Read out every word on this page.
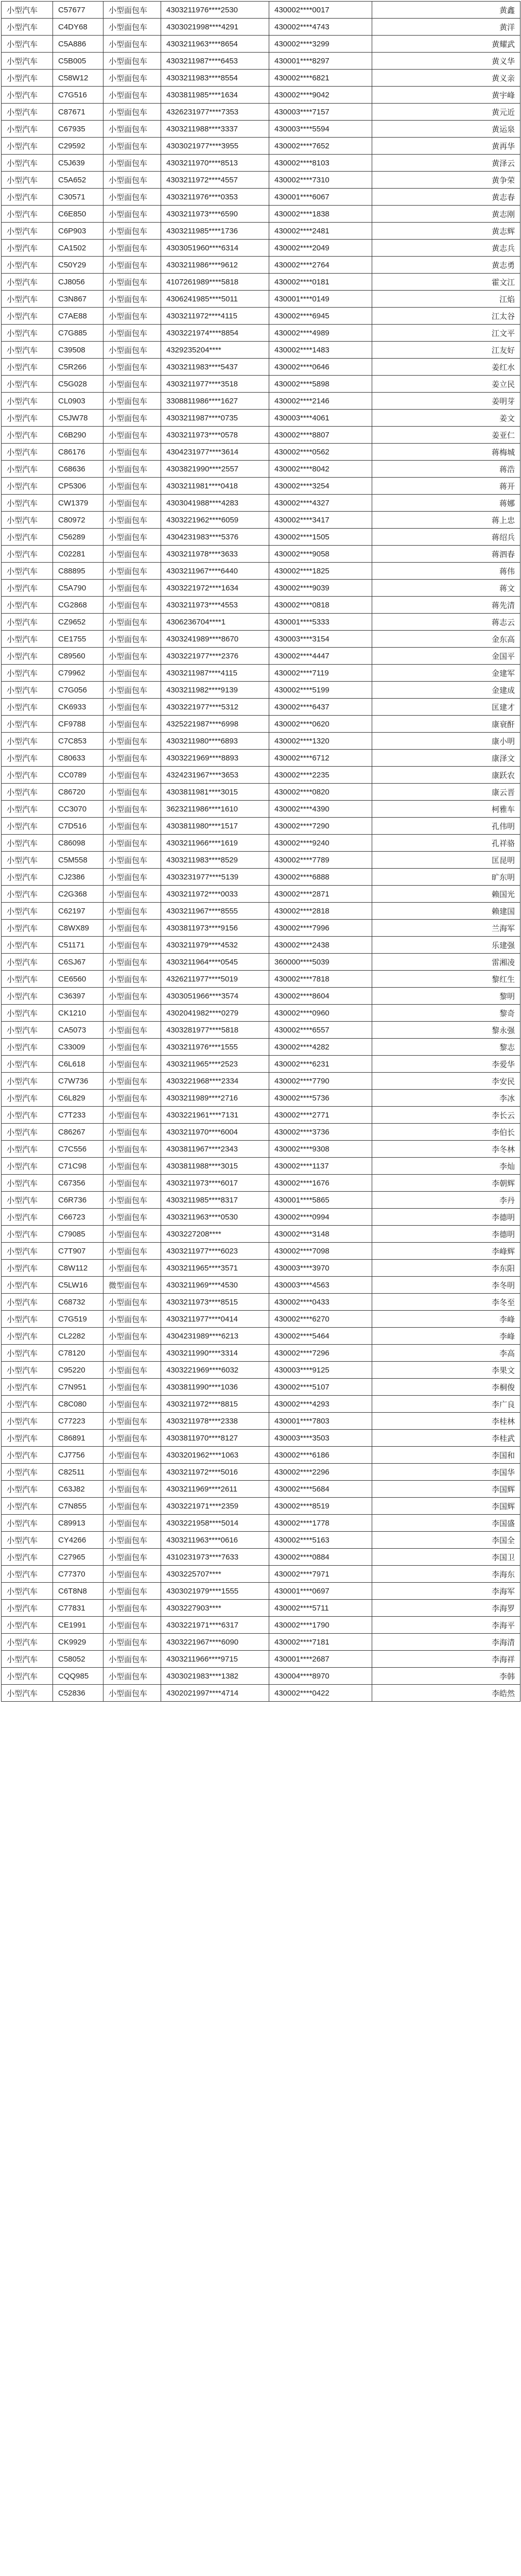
小型汽车	C57677	小型面包车	4303211976****2530	430002****0017	黄鑫
小型汽车	C4DY68	小型面包车	4303021998****4291	430002****4743	黄洋
小型汽车	C5A886	小型面包车	4303211963****8654	430002****3299	黄耀武
小型汽车	C5B005	小型面包车	4303211987****6453	430001****8297	黄义华
小型汽车	C58W12	小型面包车	4303211983****8554	430002****6821	黄义亲
小型汽车	C7G516	小型面包车	4303811985****1634	430002****9042	黄宇峰
小型汽车	C87671	小型面包车	4326231977****7353	430003****7157	黄元近
小型汽车	C67935	小型面包车	4303211988****3337	430003****5594	黄运泉
小型汽车	C29592	小型面包车	4303021977****3955	430002****7652	黄再华
小型汽车	C5J639	小型面包车	4303211970****8513	430002****8103	黄泽云
小型汽车	C5A652	小型面包车	4303211972****4557	430002****7310	黄争荣
小型汽车	C30571	小型面包车	4303211976****0353	430001****6067	黄志春
小型汽车	C6E850	小型面包车	4303211973****6590	430002****1838	黄志刚
小型汽车	C6P903	小型面包车	4303211985****1736	430002****2481	黄志辉
小型汽车	CA1502	小型面包车	4303051960****6314	430002****2049	黄志兵
小型汽车	C50Y29	小型面包车	4303211986****9612	430002****2764	黄志勇
小型汽车	CJ8056	小型面包车	4107261989****5818	430002****0181	霍文江
小型汽车	C3N867	小型面包车	4306241985****5011	430001****0149	江焰
小型汽车	C7AE88	小型面包车	4303211972****4115	430002****6945	江太谷
小型汽车	C7G885	小型面包车	4303221974****8854	430002****4989	江文平
小型汽车	C39508	小型面包车	4329235204****	430002****1483	江友好
小型汽车	C5R266	小型面包车	4303211983****5437	430002****0646	姜红水
小型汽车	C5G028	小型面包车	4303211977****3518	430002****5898	姜立民
小型汽车	CL0903	小型面包车	3308811986****1627	430002****2146	姜明芽
小型汽车	C5JW78	小型面包车	4303211987****0735	430003****4061	姜文
小型汽车	C6B290	小型面包车	4303211973****0578	430002****8807	姜亚仁
小型汽车	C86176	小型面包车	4304231977****3614	430002****0562	蒋梅城
小型汽车	C68636	小型面包车	4303821990****2557	430002****8042	蒋浩
小型汽车	CP5306	小型面包车	4303211981****0418	430002****3254	蒋开
小型汽车	CW1379	小型面包车	4303041988****4283	430002****4327	蒋娜
小型汽车	C80972	小型面包车	4303221962****6059	430002****3417	蒋上忠
小型汽车	C56289	小型面包车	4304231983****5376	430002****1505	蒋绍兵
小型汽车	C02281	小型面包车	4303211978****3633	430002****9058	蒋泗春
小型汽车	C88895	小型面包车	4303211967****6440	430002****1825	蒋伟
小型汽车	C5A790	小型面包车	4303221972****1634	430002****9039	蒋文
小型汽车	CG2868	小型面包车	4303211973****4553	430002****0818	蒋先清
小型汽车	CZ9652	小型面包车	4306236704****1	430001****5333	蒋志云
小型汽车	CE1755	小型面包车	4303241989****8670	430003****3154	金东高
小型汽车	C89560	小型面包车	4303221977****2376	430002****4447	金国平
小型汽车	C79962	小型面包车	4303211987****4115	430002****7119	金建军
小型汽车	C7G056	小型面包车	4303211982****9139	430002****5199	金建成
小型汽车	CK6933	小型面包车	4303221977****5312	430002****6437	匡建才
小型汽车	CF9788	小型面包车	4325221987****6998	430002****0620	康衰酐
小型汽车	C7C853	小型面包车	4303211980****6893	430002****1320	康小明
小型汽车	C80633	小型面包车	4303221969****8893	430002****6712	康泽文
小型汽车	CC0789	小型面包车	4324231967****3653	430002****2235	康跃农
小型汽车	C86720	小型面包车	4303811981****3015	430002****0820	康云晋
小型汽车	CC3070	小型面包车	3623211986****1610	430002****4390	柯雅车
小型汽车	C7D516	小型面包车	4303811980****1517	430002****7290	孔伟明
小型汽车	C86098	小型面包车	4303211966****1619	430002****9240	孔祥骆
小型汽车	C5M558	小型面包车	4303211983****8529	430002****7789	匡昆明
小型汽车	CJ2386	小型面包车	4303231977****5139	430002****6888	旷东明
小型汽车	C2G368	小型面包车	4303211972****0033	430002****2871	赖国光
小型汽车	C62197	小型面包车	4303211967****8555	430002****2818	赖建国
小型汽车	C8WX89	小型面包车	4303811973****9156	430002****7996	兰海军
小型汽车	C51171	小型面包车	4303211979****4532	430002****2438	乐建强
小型汽车	C6SJ67	小型面包车	4303211964****0545	360000****5039	雷湘凌
小型汽车	CE6560	小型面包车	4326211977****5019	430002****7818	黎红生
小型汽车	C36397	小型面包车	4303051966****3574	430002****8604	黎明
小型汽车	CK1210	小型面包车	4302041982****0279	430002****0960	黎奇
小型汽车	CA5073	小型面包车	4303281977****5818	430002****6557	黎永强
小型汽车	C33009	小型面包车	4303211976****1555	430002****4282	黎志
小型汽车	C6L618	小型面包车	4303211965****2523	430002****6231	李爱华
小型汽车	C7W736	小型面包车	4303221968****2334	430002****7790	李安民
小型汽车	C6L829	小型面包车	4303211989****2716	430002****5736	李冰
小型汽车	C7T233	小型面包车	4303221961****7131	430002****2771	李长云
小型汽车	C86267	小型面包车	4303211970****6004	430002****3736	李伯长
小型汽车	C7C556	小型面包车	4303811967****2343	430002****9308	李冬林
小型汽车	C71C98	小型面包车	4303811988****3015	430002****1137	李灿
小型汽车	C67356	小型面包车	4303211973****6017	430002****1676	李朝辉
小型汽车	C6R736	小型面包车	4303211985****8317	430001****5865	李丹
小型汽车	C66723	小型面包车	4303211963****0530	430002****0994	李德明
小型汽车	C79085	小型面包车	4303227208****	430002****3148	李德明
小型汽车	C7T907	小型面包车	4303211977****6023	430002****7098	李峰辉
小型汽车	C8W112	小型面包车	4303211965****3571	430003****3970	李东阳
小型汽车	C5LW16	微型面包车	4303211969****4530	430003****4563	李冬明
小型汽车	C68732	小型面包车	4303211973****8515	430002****0433	李冬至
小型汽车	C7G519	小型面包车	4303211977****0414	430002****6270	李峰
小型汽车	CL2282	小型面包车	4304231989****6213	430002****5464	李峰
小型汽车	C78120	小型面包车	4303211990****3314	430002****7296	李高
小型汽车	C95220	小型面包车	4303221969****6032	430003****9125	李果文
小型汽车	C7N951	小型面包车	4303811990****1036	430002****5107	李桐俊
小型汽车	C8C080	小型面包车	4303211972****8815	430002****4293	李广良
小型汽车	C77223	小型面包车	4303211978****2338	430001****7803	李桂林
小型汽车	C86891	小型面包车	4303811970****8127	430003****3503	李桂武
小型汽车	CJ7756	小型面包车	4303201962****1063	430002****6186	李国和
小型汽车	C82511	小型面包车	4303211972****5016	430002****2296	李国华
小型汽车	C63J82	小型面包车	4303211969****2611	430002****5684	李国辉
小型汽车	C7N855	小型面包车	4303221971****2359	430002****8519	李国辉
小型汽车	C89913	小型面包车	4303221958****5014	430002****1778	李国盛
小型汽车	CY4266	小型面包车	4303211963****0616	430002****5163	李国全
小型汽车	C27965	小型面包车	4310231973****7633	430002****0884	李国卫
小型汽车	C77370	小型面包车	4303225707****	430002****7971	李海东
小型汽车	C6T8N8	小型面包车	4303021979****1555	430001****0697	李海军
小型汽车	C77831	小型面包车	4303227903****	430002****5711	李海罗
小型汽车	CE1991	小型面包车	4303221971****6317	430002****1790	李海平
小型汽车	CK9929	小型面包车	4303221967****6090	430002****7181	李海清
小型汽车	C58052	小型面包车	4303211966****9715	430001****2687	李海祥
小型汽车	CQQ985	小型面包车	4303021983****1382	430004****8970	李韩
小型汽车	C52836	小型面包车	4302021997****4714	430002****0422	李皓然
